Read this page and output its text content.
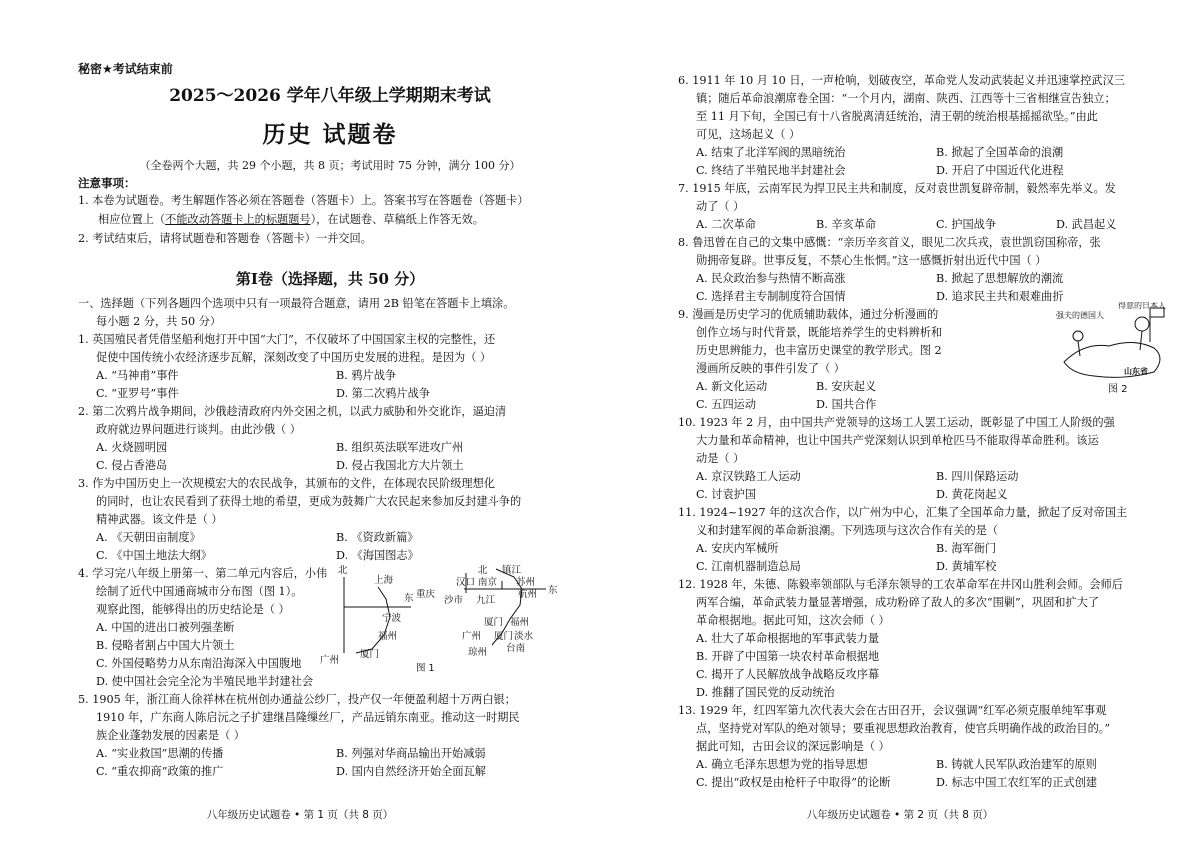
秘密★考试结束前

2025～2026 学年八年级上学期期末考试

历史 试题卷

（全卷两个大题，共 29 个小题，共 8 页；考试用时 75 分钟，满分 100 分）

注意事项：

1. 本卷为试题卷。考生解题作答必须在答题卷（答题卡）上。答案书写在答题卷（答题卡）
相应位置上（不能改动答题卡上的标题题号），在试题卷、草稿纸上作答无效。
2. 考试结束后，请将试题卷和答题卷（答题卡）一并交回。

第Ⅰ卷（选择题，共 50 分）

一、选择题（下列各题四个选项中只有一项最符合题意，请用 2B 铅笔在答题卡上填涂。
每小题 2 分，共 50 分）
1. 英国殖民者凭借坚船利炮打开中国“大门”，不仅破坏了中国国家主权的完整性，还
促使中国传统小农经济逐步瓦解，深刻改变了中国历史发展的进程。是因为（ ）
A. “马神甫”事件	B. 鸦片战争
C. “亚罗号”事件	D. 第二次鸦片战争
2. 第二次鸦片战争期间，沙俄趁清政府内外交困之机，以武力威胁和外交讹诈，逼迫清
政府就边界问题进行谈判。由此沙俄（ ）
A. 火烧圆明园	B. 组织英法联军进攻广州
C. 侵占香港岛	D. 侵占我国北方大片领土
3. 作为中国历史上一次规模宏大的农民战争，其颁布的文件，在体现农民阶级理想化
的同时，也让农民看到了获得土地的希望，更成为鼓舞广大农民起来参加反封建斗争的
精神武器。该文件是（ ）
A. 《天朝田亩制度》	B. 《资政新篇》
C. 《中国土地法大纲》	D. 《海国图志》
4. 学习完八年级上册第一、第二单元内容后，小伟
绘制了近代中国通商城市分布图（图 1）。
观察此图，能够得出的历史结论是（ ）
A. 中国的进出口被列强垄断
B. 侵略者割占中国大片领土
C. 外国侵略势力从东南沿海深入中国腹地
D. 使中国社会完全沦为半殖民地半封建社会
北
东
上海
宁波
福州
厦门
广州
重庆
汉口
北 镇江
南京 苏州
杭州 东
沙市 九江
厦门 福州
广州 厦门 淡水
台南
琼州
图 1
5. 1905 年，浙江商人徐祥林在杭州创办通益公纱厂，投产仅一年便盈利超十万两白银；
1910 年，广东商人陈启沅之子扩建继昌隆缫丝厂，产品远销东南亚。推动这一时期民
族企业蓬勃发展的因素是（ ）
A. “实业救国”思潮的传播	B. 列强对华商品输出开始减弱
C. “重农抑商”政策的推广	D. 国内自然经济开始全面瓦解
八年级历史试题卷 • 第 1 页（共 8 页）
6. 1911 年 10 月 10 日，一声枪响，划破夜空，革命党人发动武装起义并迅速掌控武汉三
镇；随后革命浪潮席卷全国：“一个月内，湖南、陕西、江西等十三省相继宣告独立；
至 11 月下旬，全国已有十八省脱离清廷统治，清王朝的统治根基摇摇欲坠。”由此
可见，这场起义（ ）
A. 结束了北洋军阀的黑暗统治	B. 掀起了全国革命的浪潮
C. 终结了半殖民地半封建社会	D. 开启了中国近代化进程
7. 1915 年底，云南军民为捍卫民主共和制度，反对袁世凯复辟帝制，毅然率先举义。发
动了（ ）
A. 二次革命	B. 辛亥革命	C. 护国战争	D. 武昌起义
8. 鲁迅曾在自己的文集中感慨：“亲历辛亥首义，眼见二次兵戎，袁世凯窃国称帝，张
勋拥帝复辟。世事反复，不禁心生怅惘。”这一感慨折射出近代中国（ ）
A. 民众政治参与热情不断高涨	B. 掀起了思想解放的潮流
C. 选择君主专制制度符合国情	D. 追求民主共和艰难曲折
9. 漫画是历史学习的优质辅助载体，通过分析漫画的
创作立场与时代背景，既能培养学生的史料辨析和
历史思辨能力，也丰富历史课堂的教学形式。图 2
漫画所反映的事件引发了（ ）
A. 新文化运动	B. 安庆起义
C. 五四运动	D. 国共合作
强夫的德国人
得意的日本人
山东省
图 2
10. 1923 年 2 月，由中国共产党领导的这场工人罢工运动，既彰显了中国工人阶级的强
大力量和革命精神，也让中国共产党深刻认识到单枪匹马不能取得革命胜利。该运
动是（ ）
A. 京汉铁路工人运动	B. 四川保路运动
C. 讨袁护国	D. 黄花岗起义
11. 1924~1927 年的这次合作，以广州为中心，汇集了全国革命力量，掀起了反对帝国主
义和封建军阀的革命新浪潮。下列选项与这次合作有关的是（
A. 安庆内军械所	B. 海军衙门
C. 江南机器制造总局	D. 黄埔军校
12. 1928 年，朱德、陈毅率领部队与毛泽东领导的工农革命军在井冈山胜利会师。会师后
两军合编，革命武装力量显著增强，成功粉碎了敌人的多次“围剿”，巩固和扩大了
革命根据地。据此可知，这次会师（ ）
A. 壮大了革命根据地的军事武装力量
B. 开辟了中国第一块农村革命根据地
C. 揭开了人民解放战争战略反攻序幕
D. 推翻了国民党的反动统治
13. 1929 年，红四军第九次代表大会在古田召开，会议强调“红军必须克服单纯军事观
点，坚持党对军队的绝对领导；要重视思想政治教育，使官兵明确作战的政治目的。”
据此可知，古田会议的深远影响是（ ）
A. 确立毛泽东思想为党的指导思想	B. 铸就人民军队政治建军的原则
C. 提出“政权是由枪杆子中取得”的论断	D. 标志中国工农红军的正式创建
八年级历史试题卷 • 第 2 页（共 8 页）
